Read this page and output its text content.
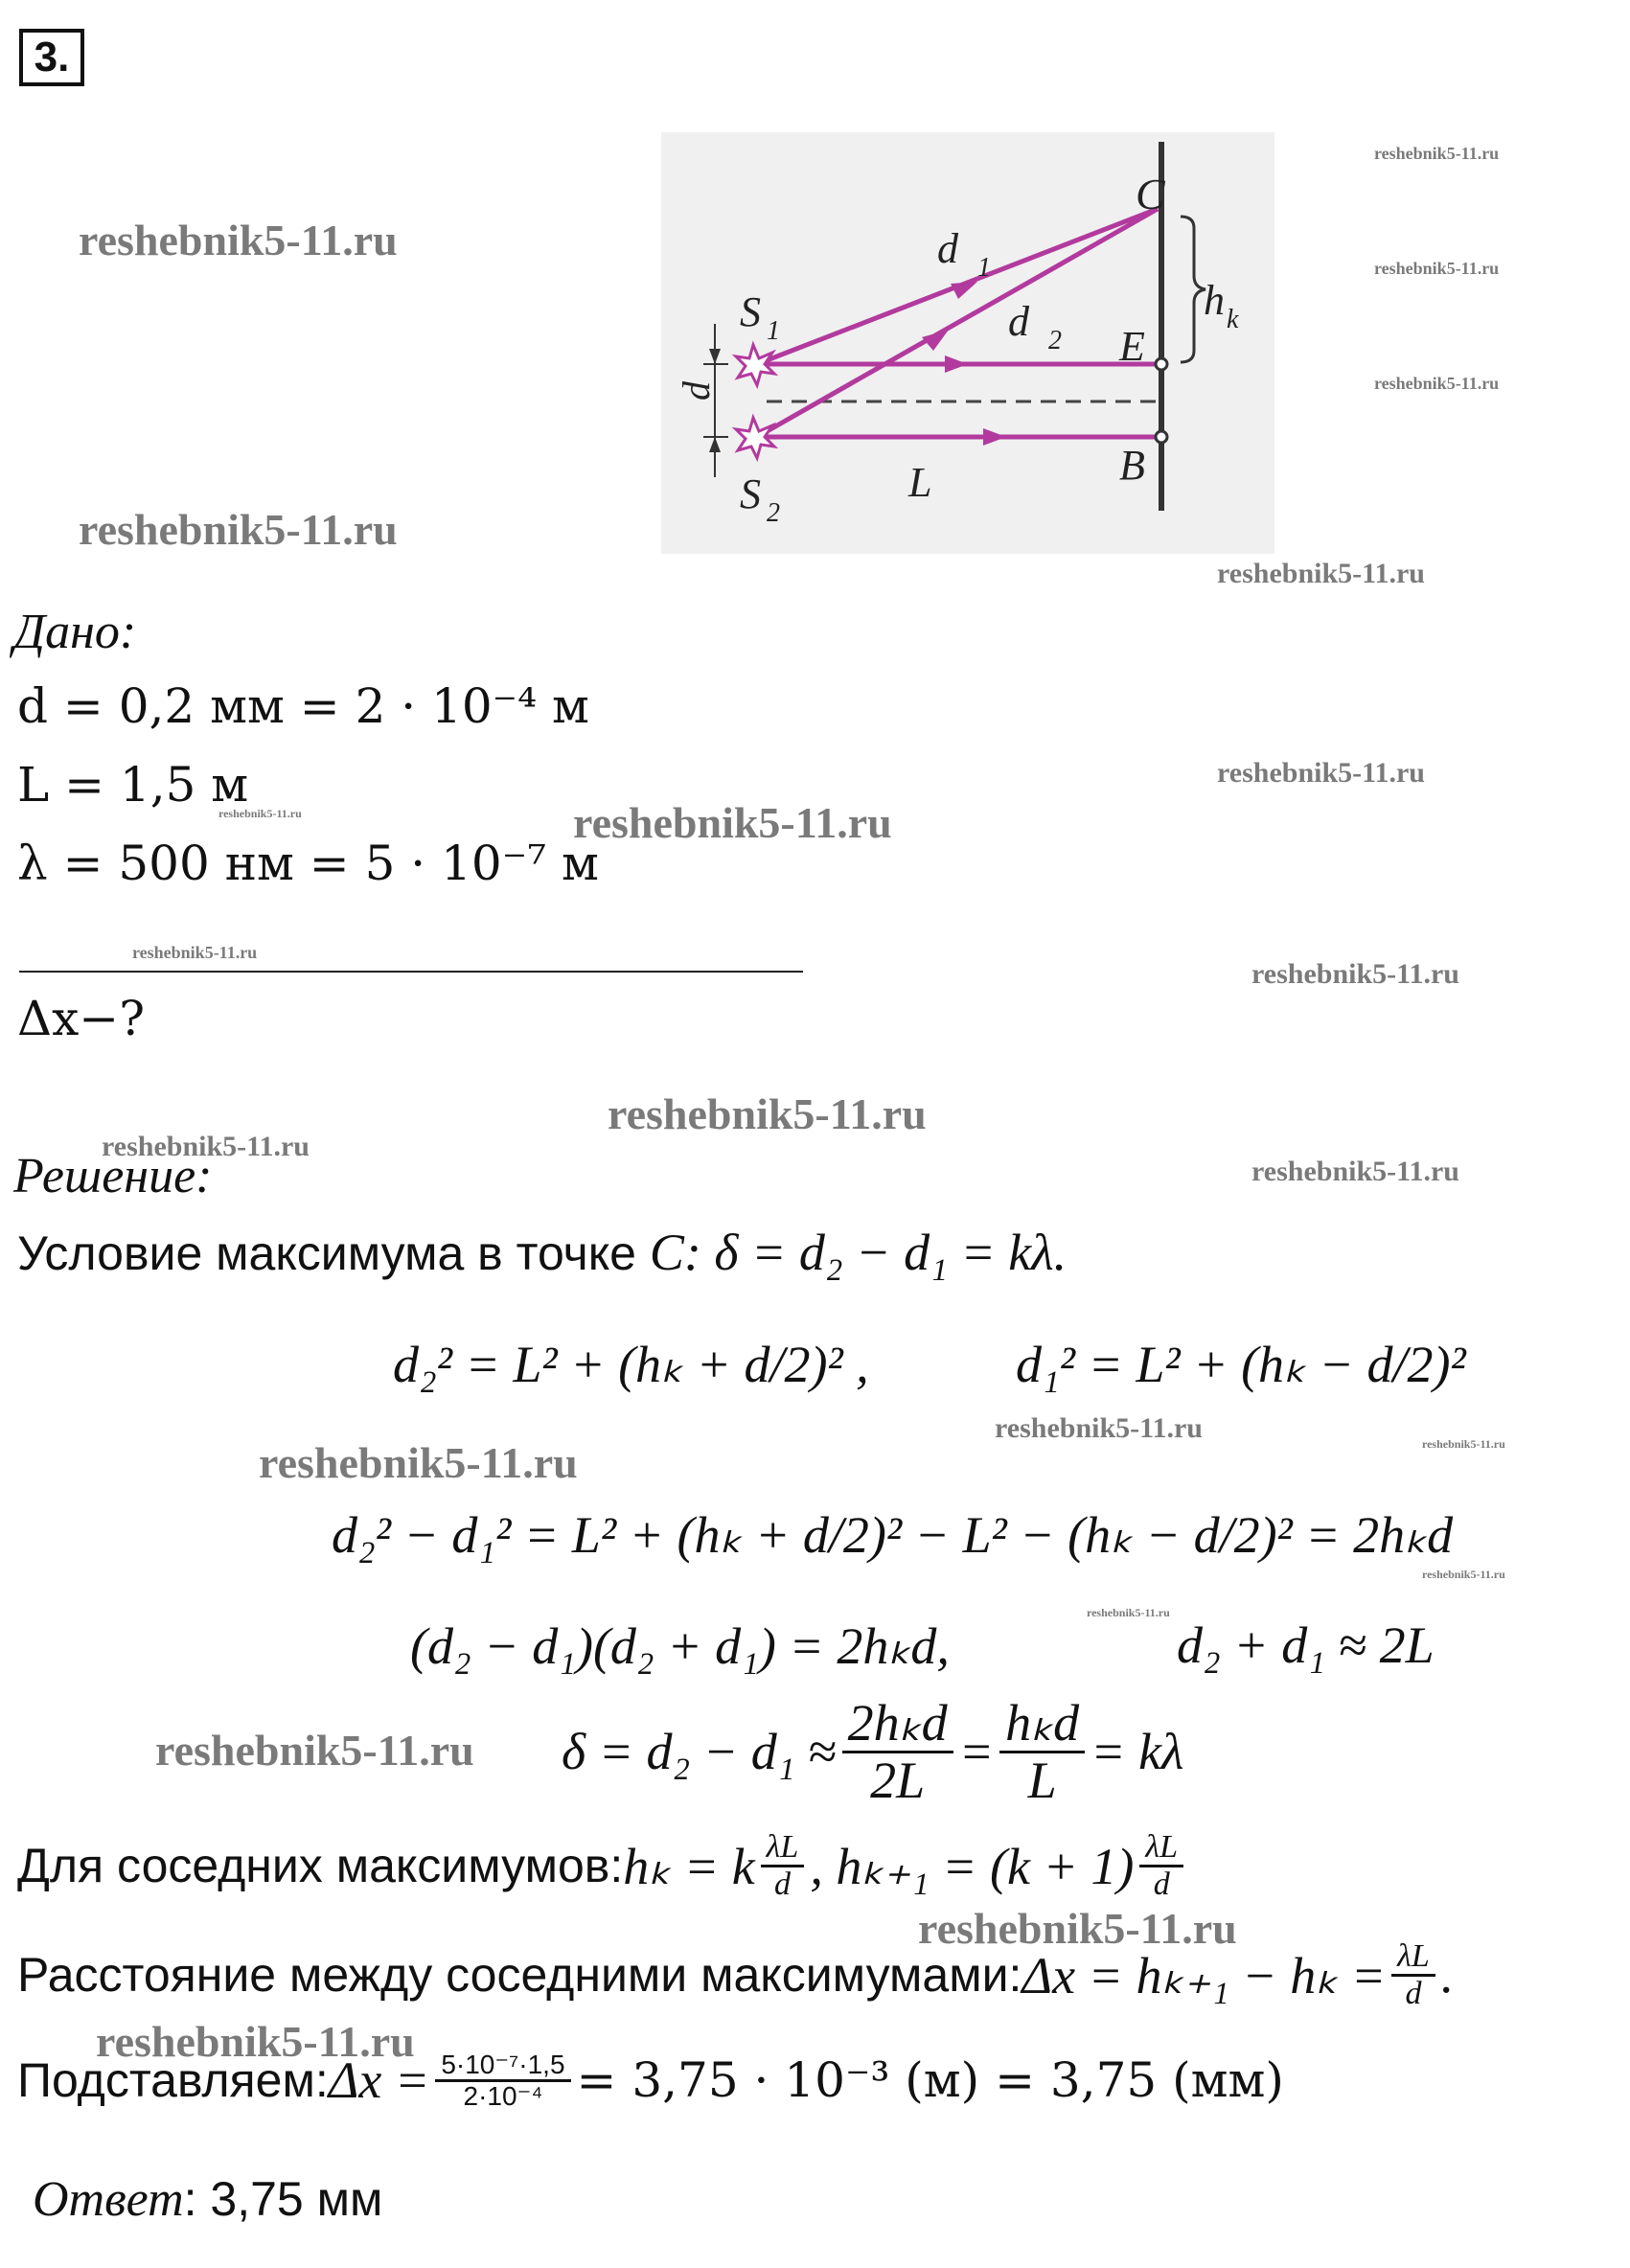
3.
reshebnik5-11.ru
reshebnik5-11.ru
reshebnik5-11.ru
reshebnik5-11.ru
reshebnik5-11.ru
reshebnik5-11.ru
reshebnik5-11.ru
reshebnik5-11.ru	reshebnik5-11.ru
reshebnik5-11.ru
reshebnik5-11.ru
reshebnik5-11.ru
reshebnik5-11.ru
reshebnik5-11.ru
reshebnik5-11.ru	reshebnik5-11.ru
reshebnik5-11.ru
reshebnik5-11.ru
reshebnik5-11.ru
reshebnik5-11.ru
reshebnik5-11.ru
reshebnik5-11.ru
C
E
B
d 1
d 2
S 1
S 2
h k
L
d
Дано:
d = 0,2 мм = 2 · 10⁻⁴ м
L = 1,5 м
λ = 500 нм = 5 · 10⁻⁷ м
Δx−?
Решение:
Условие максимума в точке C: δ = d₂ − d₁ = kλ.
d₂² = L² + (hₖ + d/2)² ,	d₁² = L² + (hₖ − d/2)²
d₂² − d₁² = L² + (hₖ + d/2)² − L² − (hₖ − d/2)² = 2hₖd
(d₂ − d₁)(d₂ + d₁) = 2hₖd,	d₂ + d₁ ≈ 2L
$\delta = d_2 - d_1 \approx \frac{\text{2hₖd}}{2L} = \frac{\text{hₖd}}{L} = k\lambda$
Для соседних максимумов: hₖ = k $\frac{\lambda L}{d}$ , $h_{k+1} = (k + 1) \frac{\lambda L}{d}$
Расстояние между соседними максимумами: $\Delta x = h_{k+1} - h_k = \frac{\lambda L}{d}$ .
Подставляем: $\Delta x = \frac{\text{5·10⁻⁷·1,5}}{\text{2·10⁻⁴}} = 3,75 \cdot 10^{-3}$ (м) = 3,75 (мм)
Ответ: 3,75 мм
